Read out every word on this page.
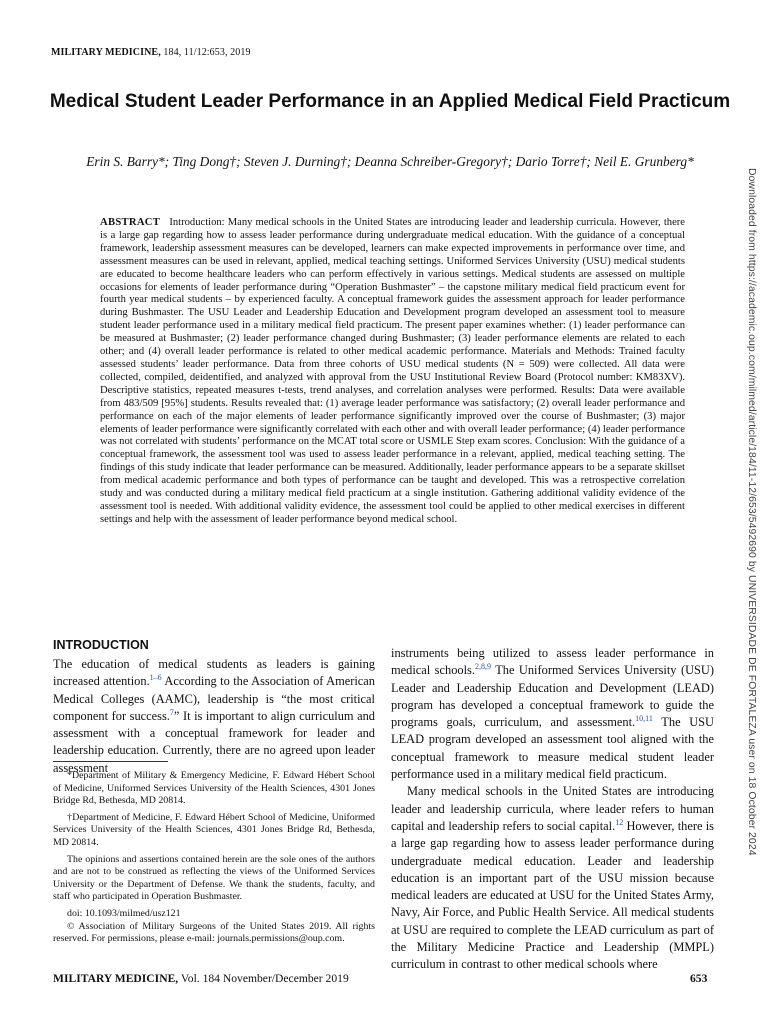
MILITARY MEDICINE, 184, 11/12:653, 2019
Medical Student Leader Performance in an Applied Medical Field Practicum
Erin S. Barry*; Ting Dong†; Steven J. Durning†; Deanna Schreiber-Gregory†; Dario Torre†; Neil E. Grunberg*
ABSTRACT Introduction: Many medical schools in the United States are introducing leader and leadership curricula. However, there is a large gap regarding how to assess leader performance during undergraduate medical education. With the guidance of a conceptual framework, leadership assessment measures can be developed, learners can make expected improvements in performance over time, and assessment measures can be used in relevant, applied, medical teaching settings. Uniformed Services University (USU) medical students are educated to become healthcare leaders who can perform effectively in various settings. Medical students are assessed on multiple occasions for elements of leader performance during “Operation Bushmaster” – the capstone military medical field practicum event for fourth year medical students – by experienced faculty. A conceptual framework guides the assessment approach for leader performance during Bushmaster. The USU Leader and Leadership Education and Development program developed an assessment tool to measure student leader performance used in a military medical field practicum. The present paper examines whether: (1) leader performance can be measured at Bushmaster; (2) leader performance changed during Bushmaster; (3) leader performance elements are related to each other; and (4) overall leader performance is related to other medical academic performance. Materials and Methods: Trained faculty assessed students’ leader performance. Data from three cohorts of USU medical students (N = 509) were collected. All data were collected, compiled, deidentified, and analyzed with approval from the USU Institutional Review Board (Protocol number: KM83XV). Descriptive statistics, repeated measures t-tests, trend analyses, and correlation analyses were performed. Results: Data were available from 483/509 [95%] students. Results revealed that: (1) average leader performance was satisfactory; (2) overall leader performance and performance on each of the major elements of leader performance significantly improved over the course of Bushmaster; (3) major elements of leader performance were significantly correlated with each other and with overall leader performance; (4) leader performance was not correlated with students’ performance on the MCAT total score or USMLE Step exam scores. Conclusion: With the guidance of a conceptual framework, the assessment tool was used to assess leader performance in a relevant, applied, medical teaching setting. The findings of this study indicate that leader performance can be measured. Additionally, leader performance appears to be a separate skillset from medical academic performance and both types of performance can be taught and developed. This was a retrospective correlation study and was conducted during a military medical field practicum at a single institution. Gathering additional validity evidence of the assessment tool is needed. With additional validity evidence, the assessment tool could be applied to other medical exercises in different settings and help with the assessment of leader performance beyond medical school.	Downloaded from https://academic.oup.com/milmed/article/184/11-12/653/5492690 by UNIVERSIDADE DE FORTALEZA user on 18 October 2024
INTRODUCTION

The education of medical students as leaders is gaining increased attention.$^{1-6}$ According to the Association of American Medical Colleges (AAMC), leadership is “the most critical component for success.$^7$” It is important to align curriculum and assessment with a conceptual framework for leader and leadership education. Currently, there are no agreed upon leader assessment

*Department of Military & Emergency Medicine, F. Edward Hébert School of Medicine, Uniformed Services University of the Health Sciences, 4301 Jones Bridge Rd, Bethesda, MD 20814.

†Department of Medicine, F. Edward Hébert School of Medicine, Uniformed Services University of the Health Sciences, 4301 Jones Bridge Rd, Bethesda, MD 20814.

The opinions and assertions contained herein are the sole ones of the authors and are not to be construed as reflecting the views of the Uniformed Services University or the Department of Defense. We thank the students, faculty, and staff who participated in Operation Bushmaster.

doi: 10.1093/milmed/usz121

© Association of Military Surgeons of the United States 2019. All rights reserved. For permissions, please e-mail: journals.permissions@oup.com.

instruments being utilized to assess leader performance in medical schools.$^{2,8,9}$ The Uniformed Services University (USU) Leader and Leadership Education and Development (LEAD) program has developed a conceptual framework to guide the programs goals, curriculum, and assessment.$^{10,11}$ The USU LEAD program developed an assessment tool aligned with the conceptual framework to measure medical student leader performance used in a military medical field practicum.

Many medical schools in the United States are introducing leader and leadership curricula, where leader refers to human capital and leadership refers to social capital.$^{12}$ However, there is a large gap regarding how to assess leader performance during undergraduate medical education. Leader and leadership education is an important part of the USU mission because medical leaders are educated at USU for the United States Army, Navy, Air Force, and Public Health Service. All medical students at USU are required to complete the LEAD curriculum as part of the Military Medicine Practice and Leadership (MMPL) curriculum in contrast to other medical schools where

MILITARY MEDICINE, Vol. 184 November/December 2019	653
